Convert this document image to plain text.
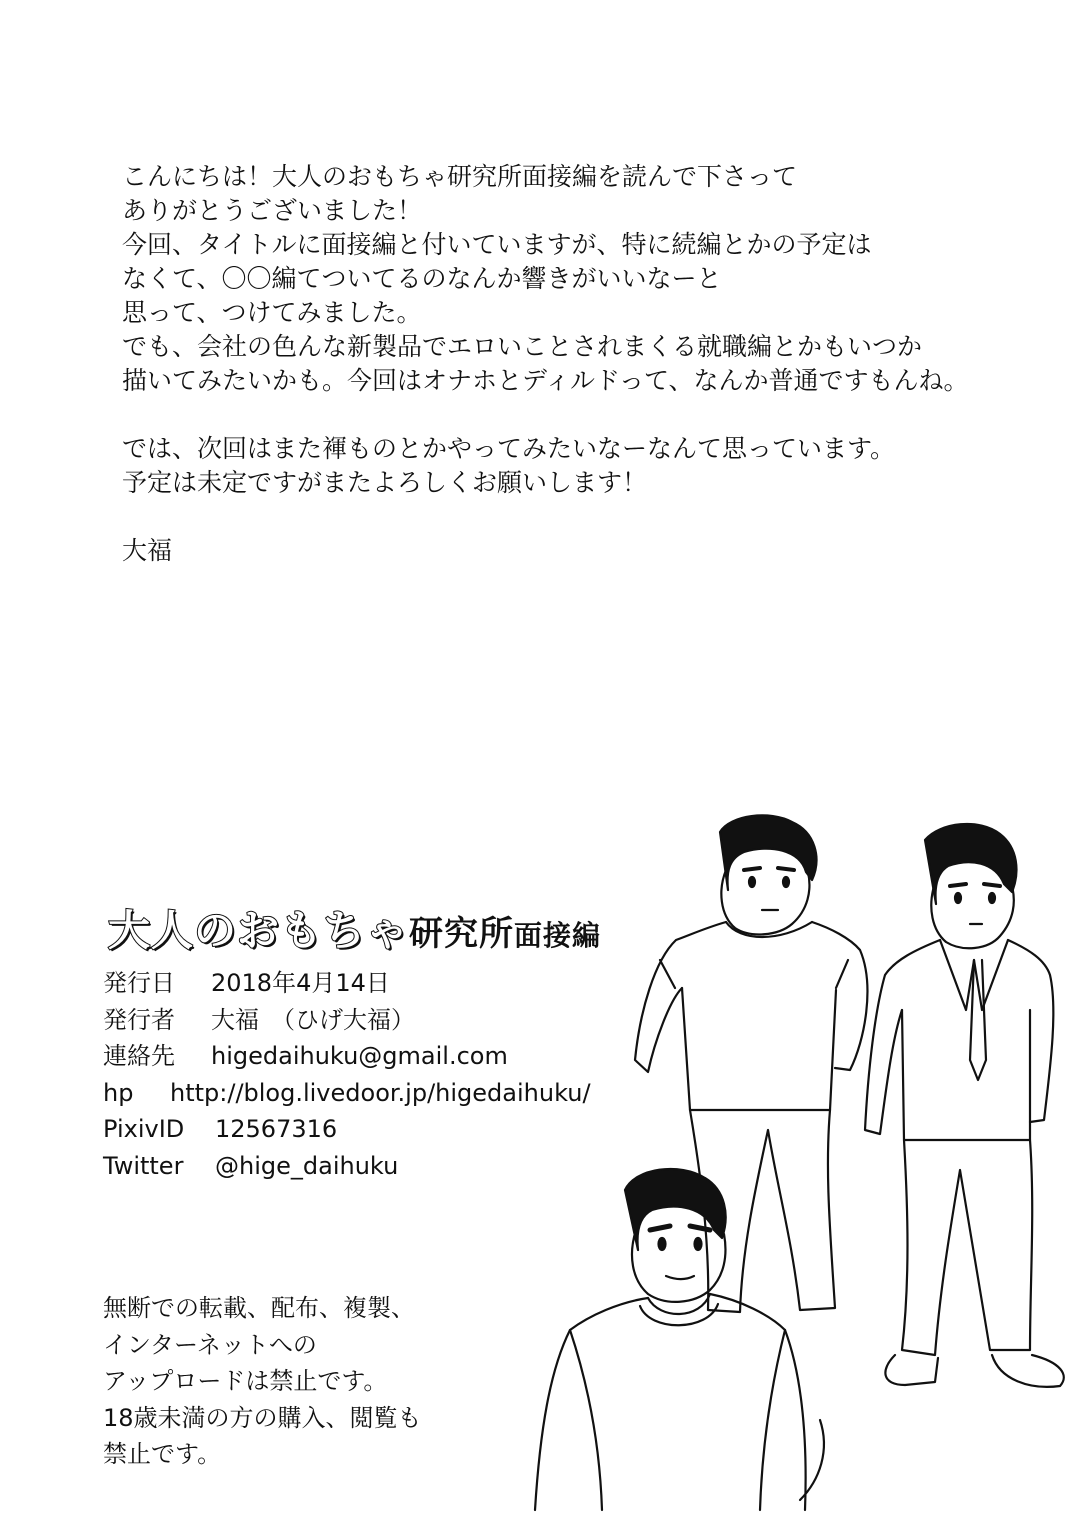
こんにちは！大人のおもちゃ研究所面接編を読んで下さって
ありがとうございました！
今回、タイトルに面接編と付いていますが、特に続編とかの予定は
なくて、〇〇編てついてるのなんか響きがいいなーと
思って、つけてみました。
でも、会社の色んな新製品でエロいことされまくる就職編とかもいつか
描いてみたいかも。今回はオナホとディルドって、なんか普通ですもんね。
では、次回はまた褌ものとかやってみたいなーなんて思っています。
予定は未定ですがまたよろしくお願いします！
大福
大人のおもちゃ研究所面接編
発行日	2018年4月14日
発行者	大福　（ひげ大福）
連絡先	higedaihuku@gmail.com
hp	http://blog.livedoor.jp/higedaihuku/
PixivID	12567316
Twitter	@hige_daihuku
無断での転載、配布、複製、
インターネットへの
アップロードは禁止です。
18歳未満の方の購入、閲覧も
禁止です。
